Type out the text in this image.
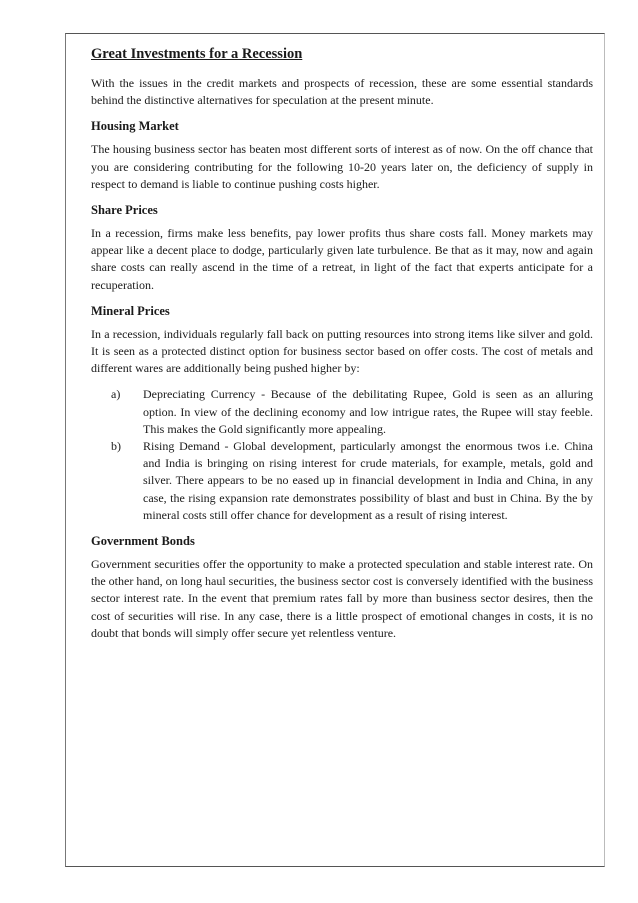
Great Investments for a Recession

With the issues in the credit markets and prospects of recession, these are some essential standards behind the distinctive alternatives for speculation at the present minute.

Housing Market

The housing business sector has beaten most different sorts of interest as of now. On the off chance that you are considering contributing for the following 10-20 years later on, the deficiency of supply in respect to demand is liable to continue pushing costs higher.

Share Prices

In a recession, firms make less benefits, pay lower profits thus share costs fall. Money markets may appear like a decent place to dodge, particularly given late turbulence. Be that as it may, now and again share costs can really ascend in the time of a retreat, in light of the fact that experts anticipate for a recuperation.

Mineral Prices

In a recession, individuals regularly fall back on putting resources into strong items like silver and gold. It is seen as a protected distinct option for business sector based on offer costs. The cost of metals and different wares are additionally being pushed higher by:

a) Depreciating Currency - Because of the debilitating Rupee, Gold is seen as an alluring option. In view of the declining economy and low intrigue rates, the Rupee will stay feeble. This makes the Gold significantly more appealing.
b) Rising Demand - Global development, particularly amongst the enormous twos i.e. China and India is bringing on rising interest for crude materials, for example, metals, gold and silver. There appears to be no eased up in financial development in India and China, in any case, the rising expansion rate demonstrates possibility of blast and bust in China. By the by mineral costs still offer chance for development as a result of rising interest.
Government Bonds

Government securities offer the opportunity to make a protected speculation and stable interest rate. On the other hand, on long haul securities, the business sector cost is conversely identified with the business sector interest rate. In the event that premium rates fall by more than business sector desires, then the cost of securities will rise. In any case, there is a little prospect of emotional changes in costs, it is no doubt that bonds will simply offer secure yet relentless venture.
